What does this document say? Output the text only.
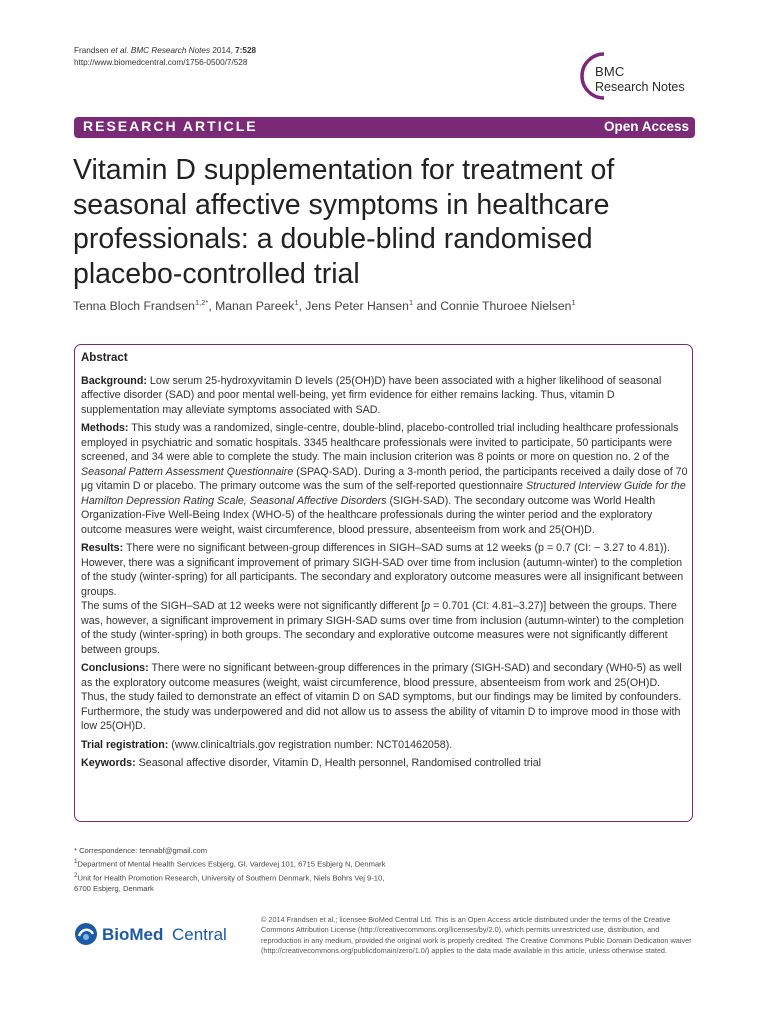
Frandsen et al. BMC Research Notes 2014, 7:528
http://www.biomedcentral.com/1756-0500/7/528
BMC
Research Notes
RESEARCH ARTICLE	Open Access
Vitamin D supplementation for treatment of seasonal affective symptoms in healthcare professionals: a double-blind randomised placebo-controlled trial
Tenna Bloch Frandsen$^{1,2*}$, Manan Pareek$^1$, Jens Peter Hansen$^1$ and Connie Thuroee Nielsen$^1$
Abstract

Background: Low serum 25-hydroxyvitamin D levels (25(OH)D) have been associated with a higher likelihood of seasonal affective disorder (SAD) and poor mental well-being, yet firm evidence for either remains lacking. Thus, vitamin D supplementation may alleviate symptoms associated with SAD.

Methods: This study was a randomized, single-centre, double-blind, placebo-controlled trial including healthcare professionals employed in psychiatric and somatic hospitals. 3345 healthcare professionals were invited to participate, 50 participants were screened, and 34 were able to complete the study. The main inclusion criterion was 8 points or more on question no. 2 of the Seasonal Pattern Assessment Questionnaire (SPAQ-SAD). During a 3-month period, the participants received a daily dose of 70 μg vitamin D or placebo. The primary outcome was the sum of the self-reported questionnaire Structured Interview Guide for the Hamilton Depression Rating Scale, Seasonal Affective Disorders (SIGH-SAD). The secondary outcome was World Health Organization-Five Well-Being Index (WHO-5) of the healthcare professionals during the winter period and the exploratory outcome measures were weight, waist circumference, blood pressure, absenteeism from work and 25(OH)D.

Results: There were no significant between-group differences in SIGH–SAD sums at 12 weeks (p = 0.7 (CI: − 3.27 to 4.81)). However, there was a significant improvement of primary SIGH-SAD over time from inclusion (autumn-winter) to the completion of the study (winter-spring) for all participants. The secondary and exploratory outcome measures were all insignificant between groups.

The sums of the SIGH–SAD at 12 weeks were not significantly different [p = 0.701 (CI: 4.81–3.27)] between the groups. There was, however, a significant improvement in primary SIGH-SAD sums over time from inclusion (autumn-winter) to the completion of the study (winter-spring) in both groups. The secondary and explorative outcome measures were not significantly different between groups.

Conclusions: There were no significant between-group differences in the primary (SIGH-SAD) and secondary (WH0-5) as well as the exploratory outcome measures (weight, waist circumference, blood pressure, absenteeism from work and 25(OH)D. Thus, the study failed to demonstrate an effect of vitamin D on SAD symptoms, but our findings may be limited by confounders. Furthermore, the study was underpowered and did not allow us to assess the ability of vitamin D to improve mood in those with low 25(OH)D.

Trial registration: (www.clinicaltrials.gov registration number: NCT01462058).

Keywords: Seasonal affective disorder, Vitamin D, Health personnel, Randomised controlled trial

* Correspondence: tennabf@gmail.com
$^1$Department of Mental Health Services Esbjerg, Gl. Vardevej 101, 6715 Esbjerg N, Denmark
$^2$Unit for Health Promotion Research, University of Southern Denmark, Niels Bohrs Vej 9-10, 6700 Esbjerg, Denmark
BioMed Central
© 2014 Frandsen et al.; licensee BioMed Central Ltd. This is an Open Access article distributed under the terms of the Creative Commons Attribution License (http://creativecommons.org/licenses/by/2.0), which permits unrestricted use, distribution, and reproduction in any medium, provided the original work is properly credited. The Creative Commons Public Domain Dedication waiver (http://creativecommons.org/publicdomain/zero/1.0/) applies to the data made available in this article, unless otherwise stated.
